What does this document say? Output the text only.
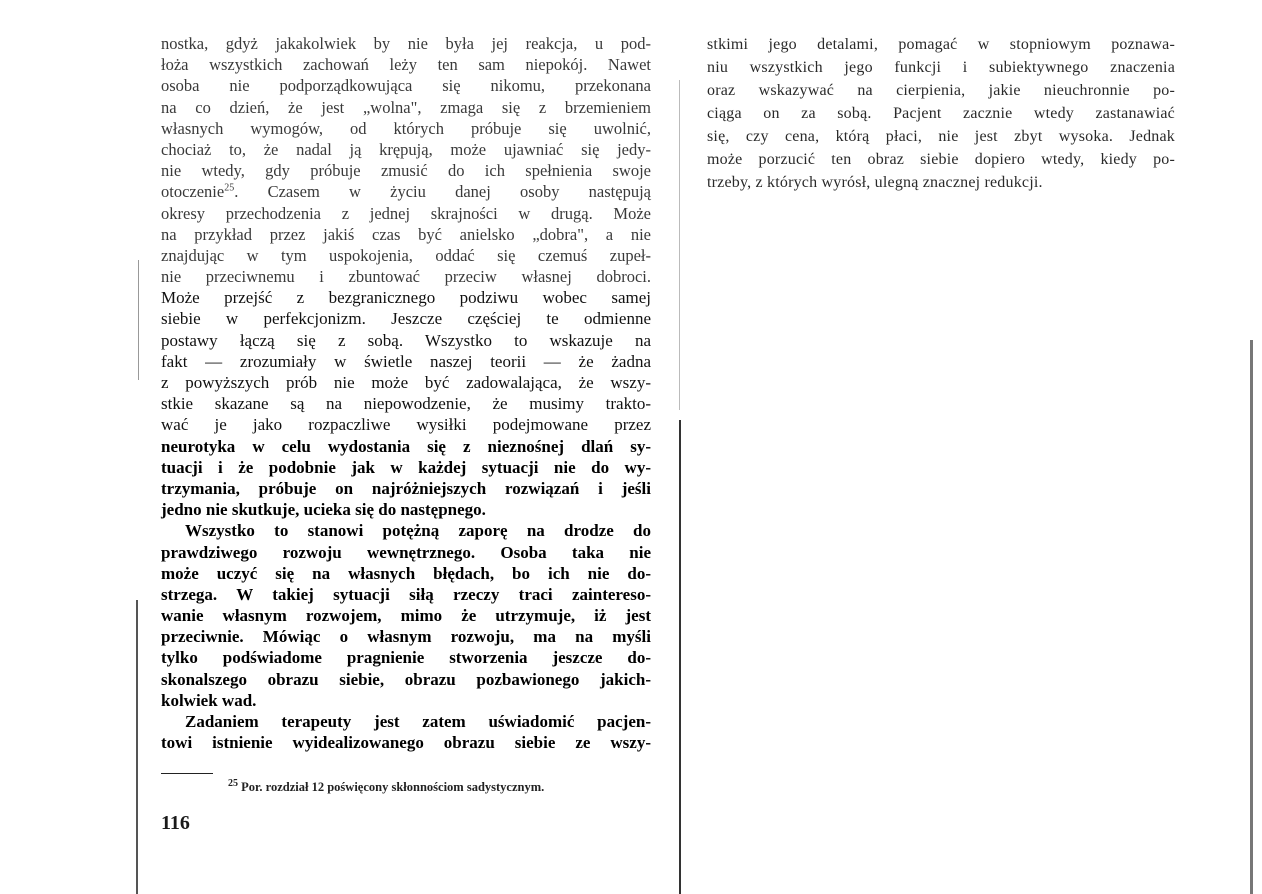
nostka, gdyż jakakolwiek by nie była jej reakcja, u pod-
łoża wszystkich zachowań leży ten sam niepokój. Nawet
osoba nie podporządkowująca się nikomu, przekonana
na co dzień, że jest „wolna", zmaga się z brzemieniem
własnych wymogów, od których próbuje się uwolnić,
chociaż to, że nadal ją krępują, może ujawniać się jedy-
nie wtedy, gdy próbuje zmusić do ich spełnienia swoje
otoczenie$^{25}$. Czasem w życiu danej osoby następują
okresy przechodzenia z jednej skrajności w drugą. Może
na przykład przez jakiś czas być anielsko „dobra", a nie
znajdując w tym uspokojenia, oddać się czemuś zupeł-
nie przeciwnemu i zbuntować przeciw własnej dobroci.
Może przejść z bezgranicznego podziwu wobec samej
siebie w perfekcjonizm. Jeszcze częściej te odmienne
postawy łączą się z sobą. Wszystko to wskazuje na
fakt — zrozumiały w świetle naszej teorii — że żadna
z powyższych prób nie może być zadowalająca, że wszy-
stkie skazane są na niepowodzenie, że musimy trakto-
wać je jako rozpaczliwe wysiłki podejmowane przez
neurotyka w celu wydostania się z nieznośnej dlań sy-
tuacji i że podobnie jak w każdej sytuacji nie do wy-
trzymania, próbuje on najróżniejszych rozwiązań i jeśli
jedno nie skutkuje, ucieka się do następnego.
Wszystko to stanowi potężną zaporę na drodze do
prawdziwego rozwoju wewnętrznego. Osoba taka nie
może uczyć się na własnych błędach, bo ich nie do-
strzega. W takiej sytuacji siłą rzeczy traci zaintereso-
wanie własnym rozwojem, mimo że utrzymuje, iż jest
przeciwnie. Mówiąc o własnym rozwoju, ma na myśli
tylko podświadome pragnienie stworzenia jeszcze do-
skonalszego obrazu siebie, obrazu pozbawionego jakich-
kolwiek wad.
Zadaniem terapeuty jest zatem uświadomić pacjen-
towi istnienie wyidealizowanego obrazu siebie ze wszy-
$^{25}$ Por. rozdział 12 poświęcony skłonnościom sadystycznym.
116
stkimi jego detalami, pomagać w stopniowym poznawa-
niu wszystkich jego funkcji i subiektywnego znaczenia
oraz wskazywać na cierpienia, jakie nieuchronnie po-
ciąga on za sobą. Pacjent zacznie wtedy zastanawiać
się, czy cena, którą płaci, nie jest zbyt wysoka. Jednak
może porzucić ten obraz siebie dopiero wtedy, kiedy po-
trzeby, z których wyrósł, ulegną znacznej redukcji.
